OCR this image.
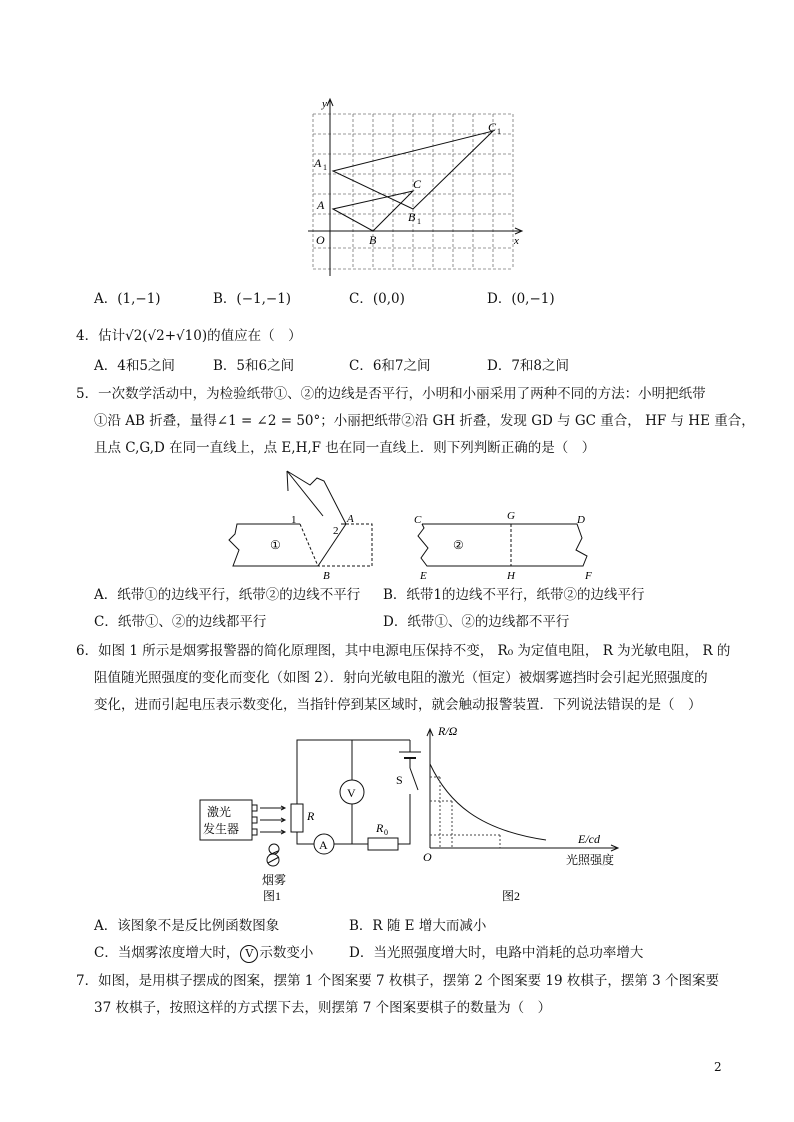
y
x
O
A
A 1
B
B 1
C
C 1
A．(1,−1)	B．(−1,−1)	C．(0,0)	D．(0,−1)
4．估计√2(√2+√10)的值应在（　）
A．4和5之间	B．5和6之间	C．6和7之间	D．7和8之间
5．一次数学活动中，为检验纸带①、②的边线是否平行，小明和小丽采用了两种不同的方法：小明把纸带
①沿 AB 折叠，量得∠1 = ∠2 = 50°；小丽把纸带②沿 GH 折叠，发现 GD 与 GC 重合， HF 与 HE 重合，
且点 C,G,D 在同一直线上，点 E,H,F 也在同一直线上．则下列判断正确的是（　）
1
2
A
B
①
C	G	D
②
E	H	F
A．纸带①的边线平行，纸带②的边线不平行 B．纸带1的边线不平行，纸带②的边线平行
C．纸带①、②的边线都平行	D．纸带①、②的边线都不平行
6．如图 1 所示是烟雾报警器的简化原理图，其中电源电压保持不变， R₀ 为定值电阻， R 为光敏电阻， R 的
阻值随光照强度的变化而变化（如图 2）．射向光敏电阻的激光（恒定）被烟雾遮挡时会引起光照强度的
变化，进而引起电压表示数变化，当指针停到某区域时，就会触动报警装置．下列说法错误的是（　）
激光
发生器
R
V
A
R 0
S
烟雾
图1
R/Ω
E/cd
O	光照强度
图2
A．该图象不是反比例函数图象	B．R 随 E 增大而减小
C．当烟雾浓度增大时， V 示数变小	D．当光照强度增大时，电路中消耗的总功率增大
7．如图，是用棋子摆成的图案，摆第 1 个图案要 7 枚棋子，摆第 2 个图案要 19 枚棋子，摆第 3 个图案要
37 枚棋子，按照这样的方式摆下去，则摆第 7 个图案要棋子的数量为（　）
2
